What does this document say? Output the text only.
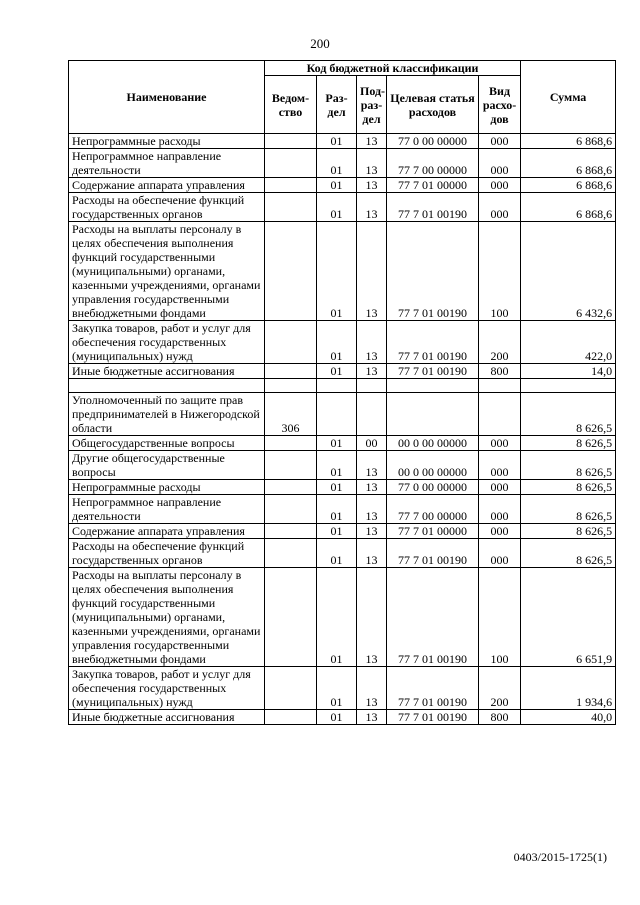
200
Наименование	Код бюджетной классификации					Сумма
	Ведом-ство	Раз-дел	Под-раз-дел	Целевая статья расходов	Вид расхо-дов	
Непрограммные расходы		01	13	77 0 00 00000	000	6 868,6
Непрограммное направление деятельности		01	13	77 7 00 00000	000	6 868,6
Содержание аппарата управления		01	13	77 7 01 00000	000	6 868,6
Расходы на обеспечение функций государственных органов		01	13	77 7 01 00190	000	6 868,6
Расходы на выплаты персоналу в целях обеспечения выполнения функций государственными (муниципальными) органами, казенными учреждениями, органами управления государственными внебюджетными фондами		01	13	77 7 01 00190	100	6 432,6
Закупка товаров, работ и услуг для обеспечения государственных (муниципальных) нужд		01	13	77 7 01 00190	200	422,0
Иные бюджетные ассигнования		01	13	77 7 01 00190	800	14,0

Уполномоченный по защите прав предпринимателей в Нижегородской области	306					8 626,5
Общегосударственные вопросы		01	00	00 0 00 00000	000	8 626,5
Другие общегосударственные вопросы		01	13	00 0 00 00000	000	8 626,5
Непрограммные расходы		01	13	77 0 00 00000	000	8 626,5
Непрограммное направление деятельности		01	13	77 7 00 00000	000	8 626,5
Содержание аппарата управления		01	13	77 7 01 00000	000	8 626,5
Расходы на обеспечение функций государственных органов		01	13	77 7 01 00190	000	8 626,5
Расходы на выплаты персоналу в целях обеспечения выполнения функций государственными (муниципальными) органами, казенными учреждениями, органами управления государственными внебюджетными фондами		01	13	77 7 01 00190	100	6 651,9
Закупка товаров, работ и услуг для обеспечения государственных (муниципальных) нужд		01	13	77 7 01 00190	200	1 934,6
Иные бюджетные ассигнования		01	13	77 7 01 00190	800	40,0
0403/2015-1725(1)
